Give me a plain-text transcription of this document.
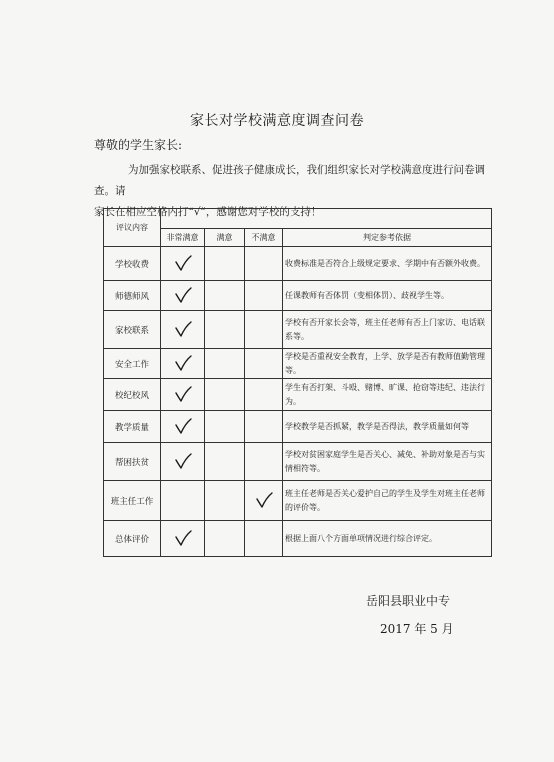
家长对学校满意度调查问卷
尊敬的学生家长:
为加强家校联系、促进孩子健康成长，我们组织家长对学校满意度进行问卷调查。请
家长在相应空格内打“√”，感谢您对学校的支持！
评议内容				
	非常满意	满意	不满意	判定参考依据
学校收费				收费标准是否符合上级规定要求、学期中有否额外收费。
师德师风				任课教师有否体罚（变相体罚）、歧视学生等。
家校联系				学校有否开家长会等，班主任老师有否上门家访、电话联系等。
安全工作				学校是否重视安全教育，上学、放学是否有教师值勤管理等。
校纪校风				学生有否打架、斗殴、赌博、旷课、抢窃等违纪、违法行为。
教学质量				学校教学是否抓紧，教学是否得法，教学质量如何等
帮困扶贫				学校对贫困家庭学生是否关心、减免、补助对象是否与实情相符等。
班主任工作				班主任老师是否关心爱护自己的学生及学生对班主任老师的评价等。
总体评价				根据上面八个方面单项情况进行综合评定。
岳阳县职业中专
2017 年 5 月
